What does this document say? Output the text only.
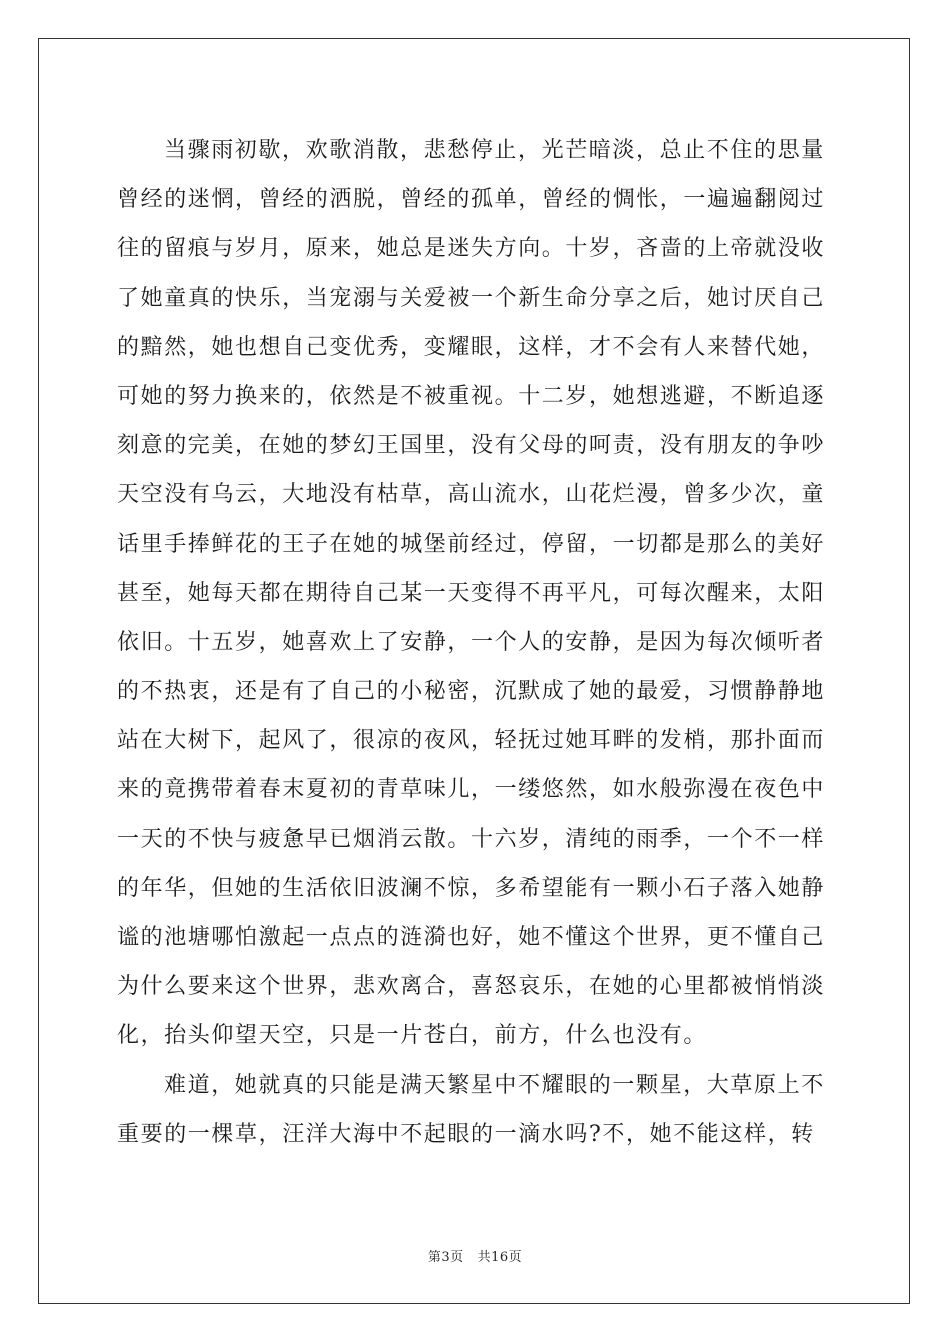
当骤雨初歇，欢歌消散，悲愁停止，光芒暗淡，总止不住的思量
曾经的迷惘，曾经的洒脱，曾经的孤单，曾经的惆怅，一遍遍翻阅过
往的留痕与岁月，原来，她总是迷失方向。十岁，吝啬的上帝就没收
了她童真的快乐，当宠溺与关爱被一个新生命分享之后，她讨厌自己
的黯然，她也想自己变优秀，变耀眼，这样，才不会有人来替代她，
可她的努力换来的，依然是不被重视。十二岁，她想逃避，不断追逐
刻意的完美，在她的梦幻王国里，没有父母的呵责，没有朋友的争吵
天空没有乌云，大地没有枯草，高山流水，山花烂漫，曾多少次，童
话里手捧鲜花的王子在她的城堡前经过，停留，一切都是那么的美好
甚至，她每天都在期待自己某一天变得不再平凡，可每次醒来，太阳
依旧。十五岁，她喜欢上了安静，一个人的安静，是因为每次倾听者
的不热衷，还是有了自己的小秘密，沉默成了她的最爱，习惯静静地
站在大树下，起风了，很凉的夜风，轻抚过她耳畔的发梢，那扑面而
来的竟携带着春末夏初的青草味儿，一缕悠然，如水般弥漫在夜色中
一天的不快与疲惫早已烟消云散。十六岁，清纯的雨季，一个不一样
的年华，但她的生活依旧波澜不惊，多希望能有一颗小石子落入她静
谧的池塘哪怕激起一点点的涟漪也好，她不懂这个世界，更不懂自己
为什么要来这个世界，悲欢离合，喜怒哀乐，在她的心里都被悄悄淡
化，抬头仰望天空，只是一片苍白，前方，什么也没有。
难道，她就真的只能是满天繁星中不耀眼的一颗星，大草原上不
重要的一棵草，汪洋大海中不起眼的一滴水吗?不，她不能这样，转
第3页 共16页
